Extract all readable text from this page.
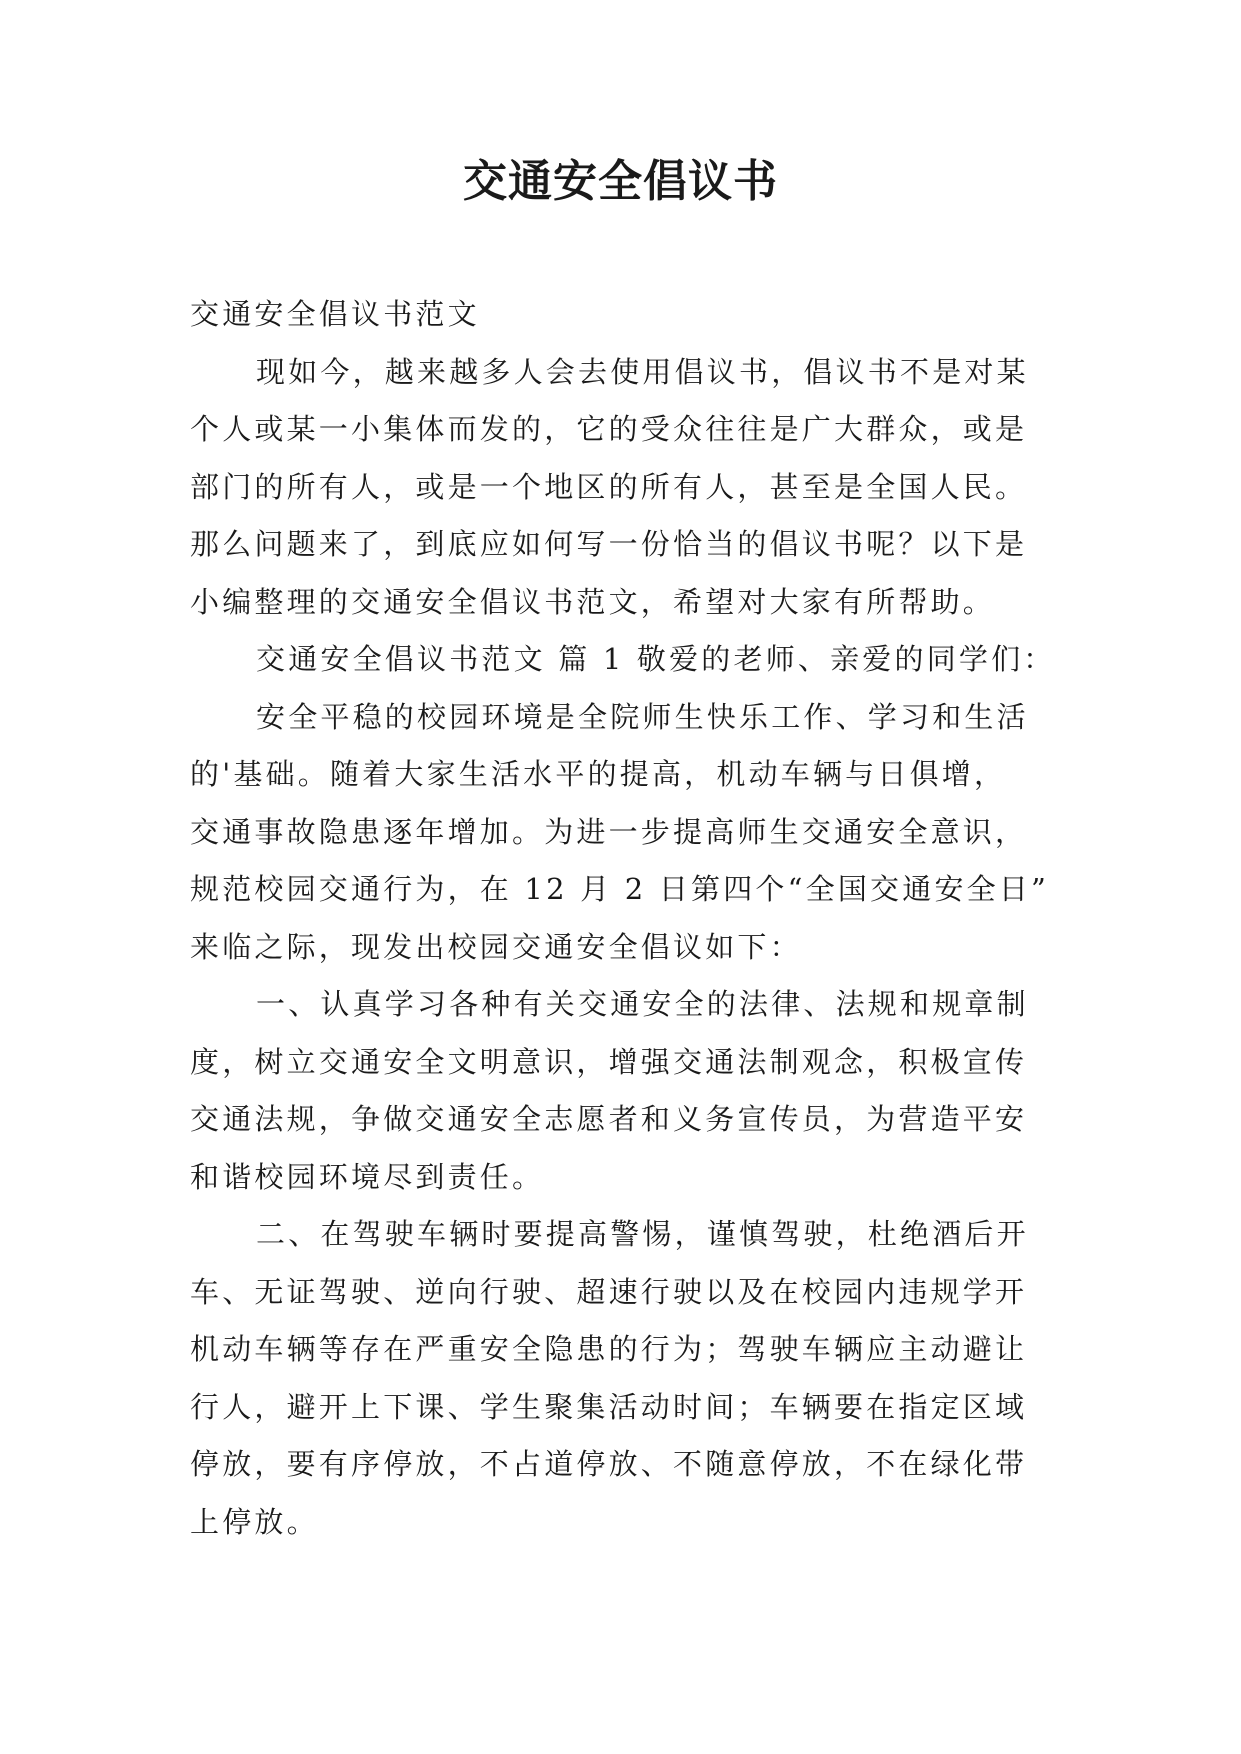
交通安全倡议书
交通安全倡议书范文
现如今，越来越多人会去使用倡议书，倡议书不是对某
个人或某一小集体而发的，它的受众往往是广大群众，或是
部门的所有人，或是一个地区的所有人，甚至是全国人民。
那么问题来了，到底应如何写一份恰当的倡议书呢？以下是
小编整理的交通安全倡议书范文，希望对大家有所帮助。
交通安全倡议书范文 篇 1 敬爱的老师、亲爱的同学们：
安全平稳的校园环境是全院师生快乐工作、学习和生活
的'基础。随着大家生活水平的提高，机动车辆与日俱增，
交通事故隐患逐年增加。为进一步提高师生交通安全意识，
规范校园交通行为，在 12 月 2 日第四个“全国交通安全日”
来临之际，现发出校园交通安全倡议如下：
一、认真学习各种有关交通安全的法律、法规和规章制
度，树立交通安全文明意识，增强交通法制观念，积极宣传
交通法规，争做交通安全志愿者和义务宣传员，为营造平安
和谐校园环境尽到责任。
二、在驾驶车辆时要提高警惕，谨慎驾驶，杜绝酒后开
车、无证驾驶、逆向行驶、超速行驶以及在校园内违规学开
机动车辆等存在严重安全隐患的行为；驾驶车辆应主动避让
行人，避开上下课、学生聚集活动时间；车辆要在指定区域
停放，要有序停放，不占道停放、不随意停放，不在绿化带
上停放。
